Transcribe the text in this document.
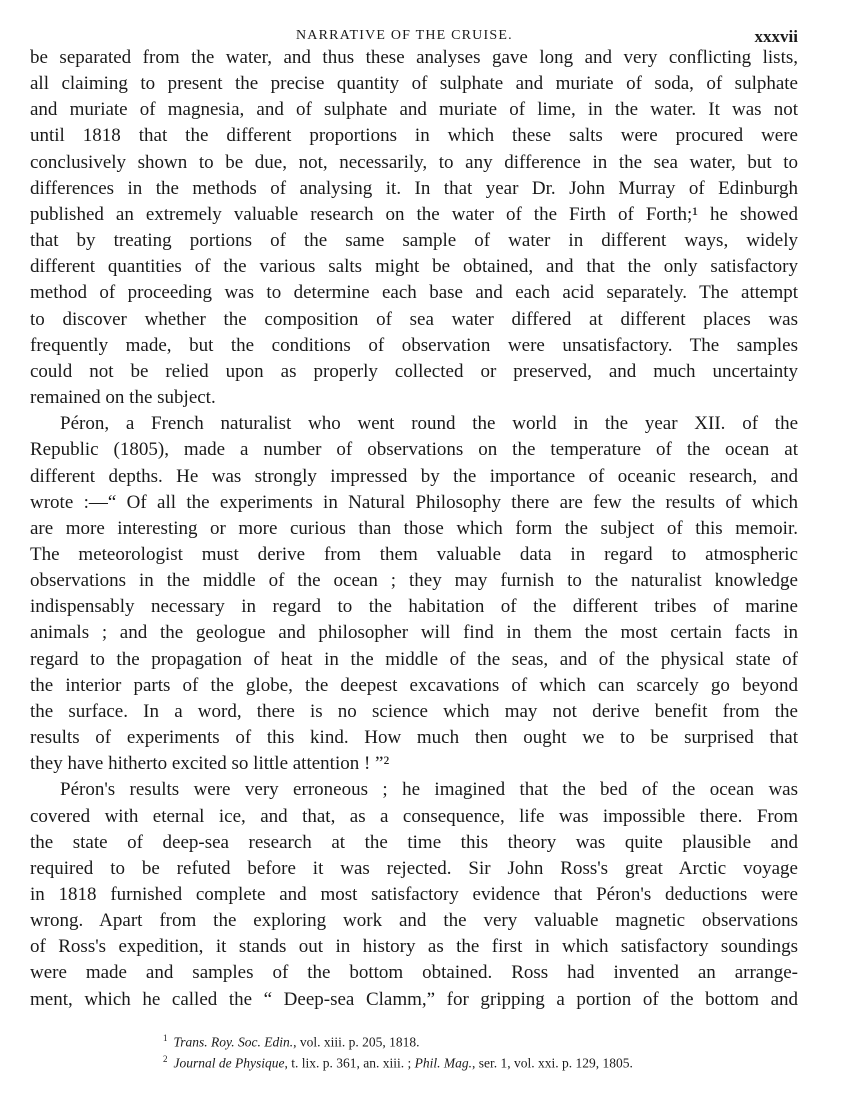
NARRATIVE OF THE CRUISE.	xxxvii
be separated from the water, and thus these analyses gave long and very conflicting lists,
all claiming to present the precise quantity of sulphate and muriate of soda, of sulphate
and muriate of magnesia, and of sulphate and muriate of lime, in the water. It was not
until 1818 that the different proportions in which these salts were procured were
conclusively shown to be due, not, necessarily, to any difference in the sea water, but to
differences in the methods of analysing it. In that year Dr. John Murray of Edinburgh
published an extremely valuable research on the water of the Firth of Forth;¹ he showed
that by treating portions of the same sample of water in different ways, widely
different quantities of the various salts might be obtained, and that the only satisfactory
method of proceeding was to determine each base and each acid separately. The attempt
to discover whether the composition of sea water differed at different places was
frequently made, but the conditions of observation were unsatisfactory. The samples
could not be relied upon as properly collected or preserved, and much uncertainty
remained on the subject.
Péron, a French naturalist who went round the world in the year XII. of the
Republic (1805), made a number of observations on the temperature of the ocean at
different depths. He was strongly impressed by the importance of oceanic research, and
wrote :—“ Of all the experiments in Natural Philosophy there are few the results of which
are more interesting or more curious than those which form the subject of this memoir.
The meteorologist must derive from them valuable data in regard to atmospheric
observations in the middle of the ocean ; they may furnish to the naturalist knowledge
indispensably necessary in regard to the habitation of the different tribes of marine
animals ; and the geologue and philosopher will find in them the most certain facts in
regard to the propagation of heat in the middle of the seas, and of the physical state of
the interior parts of the globe, the deepest excavations of which can scarcely go beyond
the surface. In a word, there is no science which may not derive benefit from the
results of experiments of this kind. How much then ought we to be surprised that
they have hitherto excited so little attention ! ”²
Péron's results were very erroneous ; he imagined that the bed of the ocean was
covered with eternal ice, and that, as a consequence, life was impossible there. From
the state of deep-sea research at the time this theory was quite plausible and
required to be refuted before it was rejected. Sir John Ross's great Arctic voyage
in 1818 furnished complete and most satisfactory evidence that Péron's deductions were
wrong. Apart from the exploring work and the very valuable magnetic observations
of Ross's expedition, it stands out in history as the first in which satisfactory soundings
were made and samples of the bottom obtained. Ross had invented an arrange-
ment, which he called the “ Deep-sea Clamm,” for gripping a portion of the bottom and
$^1$ Trans. Roy. Soc. Edin., vol. xiii. p. 205, 1818.
$^2$ Journal de Physique, t. lix. p. 361, an. xiii. ; Phil. Mag., ser. 1, vol. xxi. p. 129, 1805.
